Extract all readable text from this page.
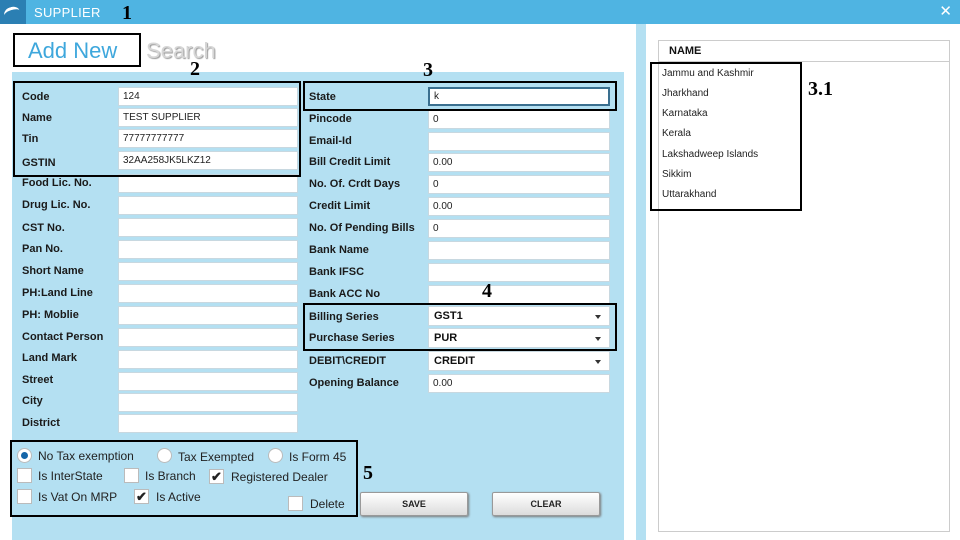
SUPPLIER	✕
Add New Search
Code	124
Name	TEST SUPPLIER
Tin	77777777777
GSTIN	32AA258JK5LKZ12
Food Lic. No.
Drug Lic. No.
CST No.
Pan No.
Short Name
PH:Land Line
PH: Moblie
Contact Person
Land Mark
Street
City
District
State	k
Pincode	0
Email-Id
Bill Credit Limit	0.00
No. Of. Crdt Days	0
Credit Limit	0.00
No. Of Pending Bills	0
Bank Name
Bank IFSC
Bank ACC No
Billing Series	GST1
Purchase Series	PUR
DEBIT\CREDIT	CREDIT
Opening Balance	0.00
No Tax exemption	Tax Exempted	Is Form 45
Is InterState	Is Branch ✔ Registered Dealer
Is Vat On MRP ✔ Is Active	Delete	SAVE	CLEAR
NAME
Jammu and Kashmir
Jharkhand
Karnataka
Kerala
Lakshadweep Islands
Sikkim
Uttarakhand
1
2	3
3.1
4
5
